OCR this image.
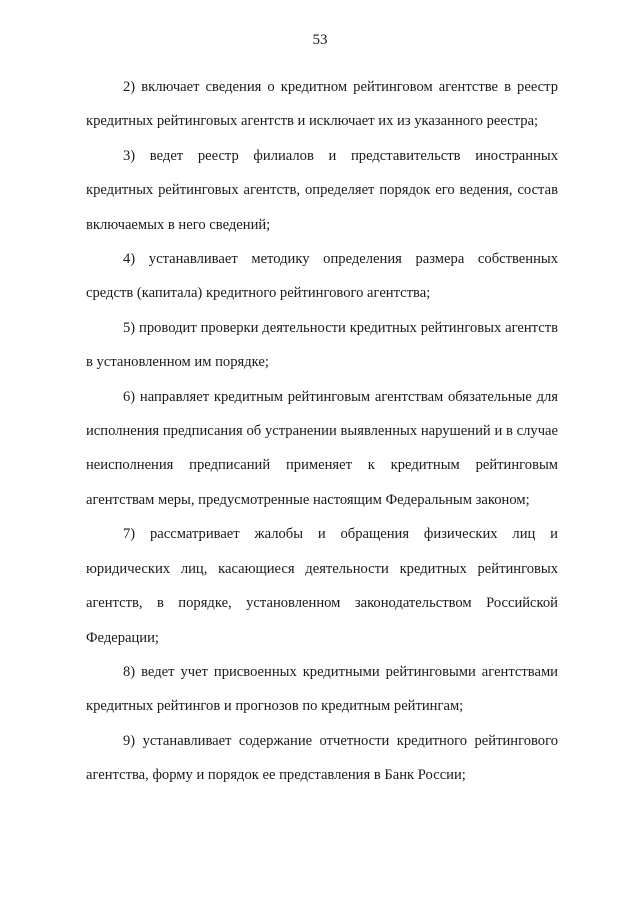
53

2) включает сведения о кредитном рейтинговом агентстве в реестр кредитных рейтинговых агентств и исключает их из указанного реестра;

3) ведет реестр филиалов и представительств иностранных кредитных рейтинговых агентств, определяет порядок его ведения, состав включаемых в него сведений;

4) устанавливает методику определения размера собственных средств (капитала) кредитного рейтингового агентства;

5) проводит проверки деятельности кредитных рейтинговых агентств в установленном им порядке;

6) направляет кредитным рейтинговым агентствам обязательные для исполнения предписания об устранении выявленных нарушений и в случае неисполнения предписаний применяет к кредитным рейтинговым агентствам меры, предусмотренные настоящим Федеральным законом;

7) рассматривает жалобы и обращения физических лиц и юридических лиц, касающиеся деятельности кредитных рейтинговых агентств, в порядке, установленном законодательством Российской Федерации;

8) ведет учет присвоенных кредитными рейтинговыми агентствами кредитных рейтингов и прогнозов по кредитным рейтингам;

9) устанавливает содержание отчетности кредитного рейтингового агентства, форму и порядок ее представления в Банк России;
